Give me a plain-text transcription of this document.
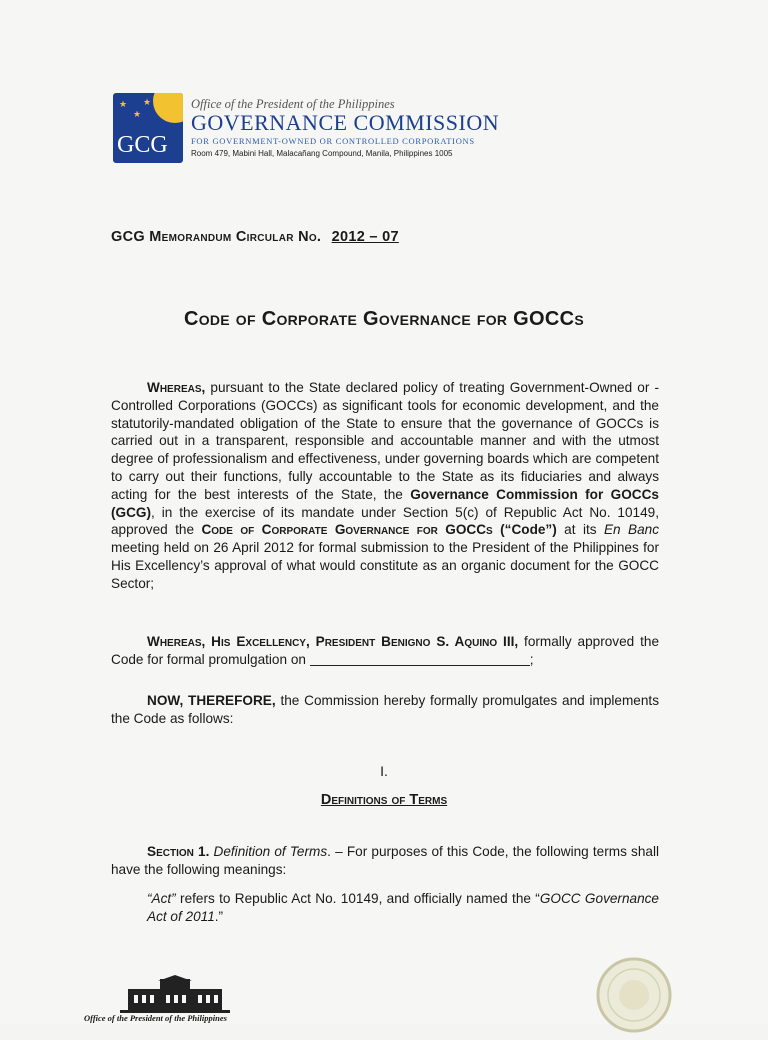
★
★
★
GCG
Office of the President of the Philippines
GOVERNANCE COMMISSION
FOR GOVERNMENT-OWNED OR CONTROLLED CORPORATIONS
Room 479, Mabini Hall, Malacañang Compound, Manila, Philippines 1005
GCG Memorandum Circular No. 2012 – 07
Code of Corporate Governance for GOCCs
Whereas, pursuant to the State declared policy of treating Government-Owned or -Controlled Corporations (GOCCs) as significant tools for economic development, and the statutorily-mandated obligation of the State to ensure that the governance of GOCCs is carried out in a transparent, responsible and accountable manner and with the utmost degree of professionalism and effectiveness, under governing boards which are competent to carry out their functions, fully accountable to the State as its fiduciaries and always acting for the best interests of the State, the Governance Commission for GOCCs (GCG), in the exercise of its mandate under Section 5(c) of Republic Act No. 10149, approved the Code of Corporate Governance for GOCCs (“Code”) at its En Banc meeting held on 26 April 2012 for formal submission to the President of the Philippines for His Excellency’s approval of what would constitute as an organic document for the GOCC Sector;
Whereas, His Excellency, President Benigno S. Aquino III, formally approved the Code for formal promulgation on	;
NOW, THEREFORE, the Commission hereby formally promulgates and implements the Code as follows:
I.
Definitions of Terms
Section 1. Definition of Terms. – For purposes of this Code, the following terms shall have the following meanings:
“Act” refers to Republic Act No. 10149, and officially named the “GOCC Governance Act of 2011.”
Office of the President of the Philippines
